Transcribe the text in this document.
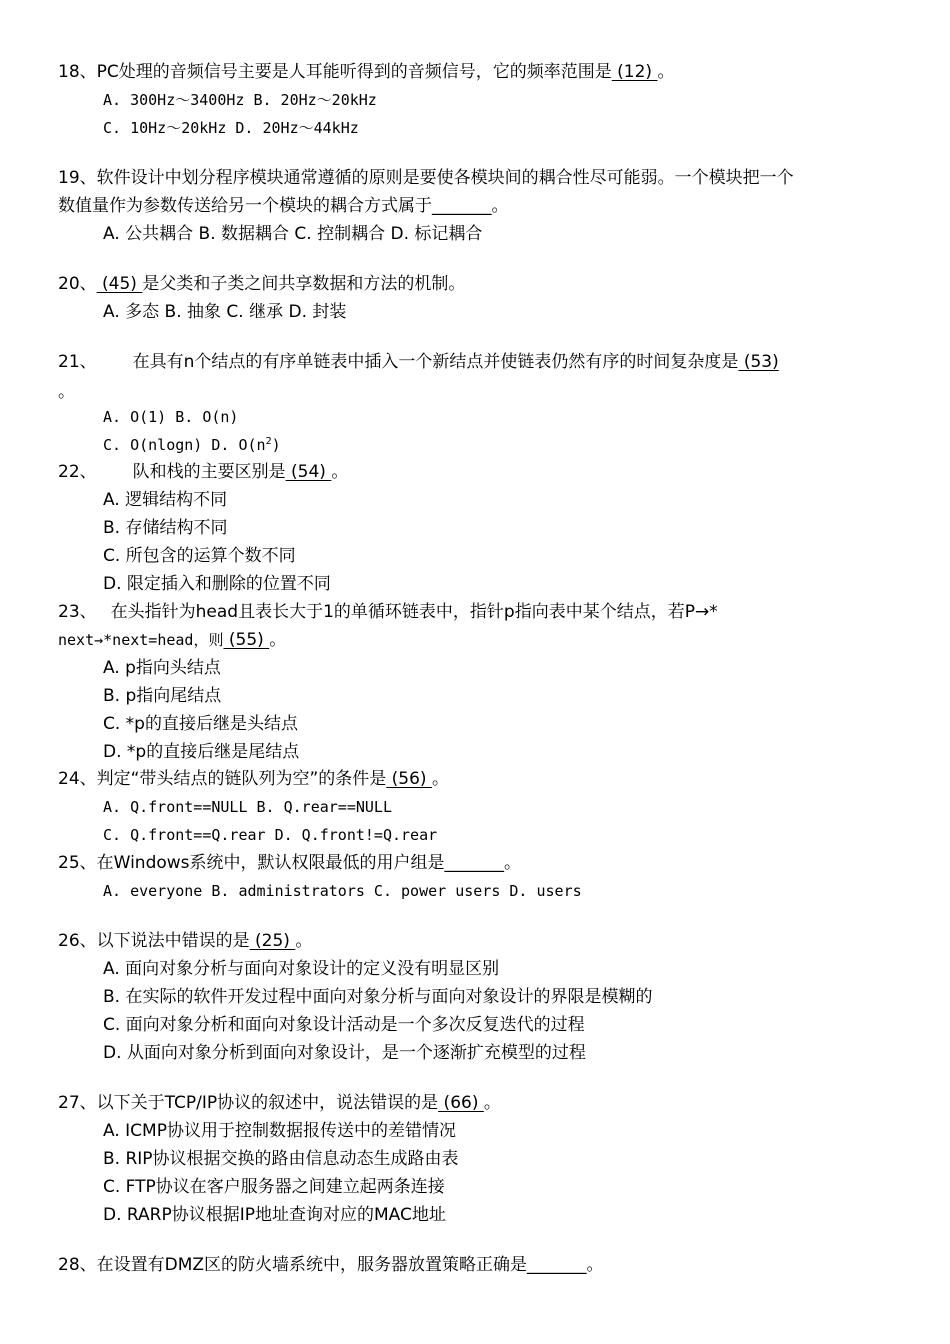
18、PC处理的音频信号主要是人耳能听得到的音频信号，它的频率范围是 (12) 。
A. 300Hz～3400Hz B. 20Hz～20kHz
C. 10Hz～20kHz D. 20Hz～44kHz
19、软件设计中划分程序模块通常遵循的原则是要使各模块间的耦合性尽可能弱。一个模块把一个
数值量作为参数传送给另一个模块的耦合方式属于_______。
A. 公共耦合 B. 数据耦合 C. 控制耦合 D. 标记耦合
20、 (45) 是父类和子类之间共享数据和方法的机制。
A. 多态 B. 抽象 C. 继承 D. 封装
21、 在具有n个结点的有序单链表中插入一个新结点并使链表仍然有序的时间复杂度是 (53)
。
A. O(1) B. O(n)
C. O(nlogn) D. $O(n^2)$
22、 队和栈的主要区别是 (54) 。
A. 逻辑结构不同
B. 存储结构不同
C. 所包含的运算个数不同
D. 限定插入和删除的位置不同
23、 在头指针为head且表长大于1的单循环链表中，指针p指向表中某个结点，若P→*
next→*next=head，则 (55) 。
A. p指向头结点
B. p指向尾结点
C. *p的直接后继是头结点
D. *p的直接后继是尾结点
24、判定“带头结点的链队列为空”的条件是 (56) 。
A. Q.front==NULL B. Q.rear==NULL
C. Q.front==Q.rear D. Q.front!=Q.rear
25、在Windows系统中，默认权限最低的用户组是_______。
A. everyone B. administrators C. power users D. users
26、以下说法中错误的是 (25) 。
A. 面向对象分析与面向对象设计的定义没有明显区别
B. 在实际的软件开发过程中面向对象分析与面向对象设计的界限是模糊的
C. 面向对象分析和面向对象设计活动是一个多次反复迭代的过程
D. 从面向对象分析到面向对象设计，是一个逐渐扩充模型的过程
27、以下关于TCP/IP协议的叙述中，说法错误的是 (66) 。
A. ICMP协议用于控制数据报传送中的差错情况
B. RIP协议根据交换的路由信息动态生成路由表
C. FTP协议在客户服务器之间建立起两条连接
D. RARP协议根据IP地址查询对应的MAC地址
28、在设置有DMZ区的防火墙系统中，服务器放置策略正确是_______。
